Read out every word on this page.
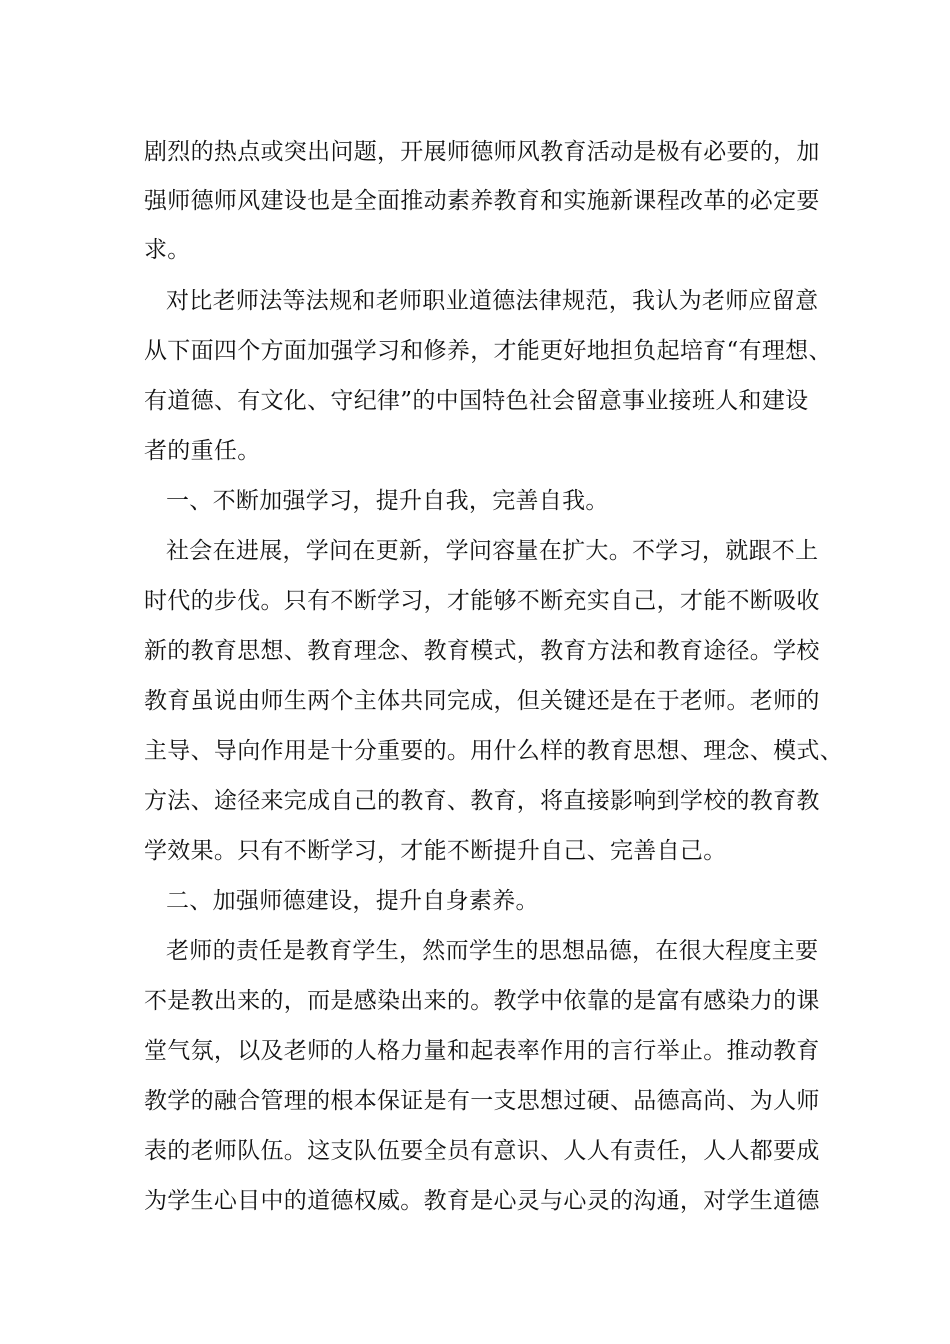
剧烈的热点或突出问题，开展师德师风教育活动是极有必要的，加
强师德师风建设也是全面推动素养教育和实施新课程改革的必定要
求。
对比老师法等法规和老师职业道德法律规范，我认为老师应留意
从下面四个方面加强学习和修养，才能更好地担负起培育“有理想、
有道德、有文化、守纪律”的中国特色社会留意事业接班人和建设
者的重任。
一、不断加强学习，提升自我，完善自我。
社会在进展，学问在更新，学问容量在扩大。不学习，就跟不上
时代的步伐。只有不断学习，才能够不断充实自己，才能不断吸收
新的教育思想、教育理念、教育模式，教育方法和教育途径。学校
教育虽说由师生两个主体共同完成，但关键还是在于老师。老师的
主导、导向作用是十分重要的。用什么样的教育思想、理念、模式、
方法、途径来完成自己的教育、教育，将直接影响到学校的教育教
学效果。只有不断学习，才能不断提升自己、完善自己。
二、加强师德建设，提升自身素养。
老师的责任是教育学生，然而学生的思想品德，在很大程度主要
不是教出来的，而是感染出来的。教学中依靠的是富有感染力的课
堂气氛，以及老师的人格力量和起表率作用的言行举止。推动教育
教学的融合管理的根本保证是有一支思想过硬、品德高尚、为人师
表的老师队伍。这支队伍要全员有意识、人人有责任，人人都要成
为学生心目中的道德权威。教育是心灵与心灵的沟通，对学生道德
